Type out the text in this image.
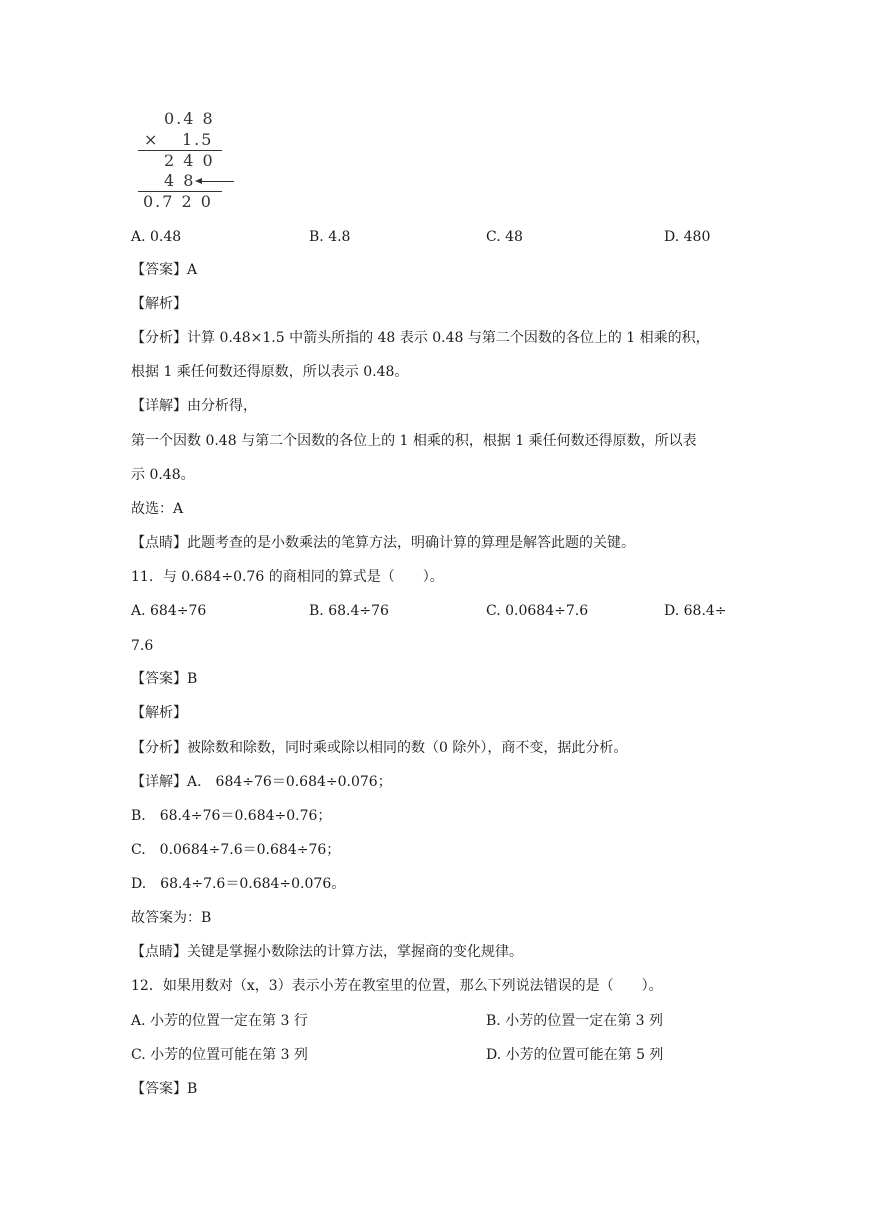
0.4 8
× 1.5
2 4 0
4 8
0.7 2 0
A. 0.48	B. 4.8	C. 48	D. 480
【答案】A
【解析】
【分析】计算 0.48×1.5 中箭头所指的 48 表示 0.48 与第二个因数的各位上的 1 相乘的积，
根据 1 乘任何数还得原数，所以表示 0.48。
【详解】由分析得，
第一个因数 0.48 与第二个因数的各位上的 1 相乘的积，根据 1 乘任何数还得原数，所以表
示 0.48。
故选：A
【点睛】此题考查的是小数乘法的笔算方法，明确计算的算理是解答此题的关键。
11．与 0.684÷0.76 的商相同的算式是（　　）。
A. 684÷76	B. 68.4÷76	C. 0.0684÷7.6	D. 68.4÷
7.6
【答案】B
【解析】
【分析】被除数和除数，同时乘或除以相同的数（0 除外），商不变，据此分析。
【详解】A.　684÷76＝0.684÷0.076；
B.　68.4÷76＝0.684÷0.76；
C.　0.0684÷7.6＝0.684÷76；
D.　68.4÷7.6＝0.684÷0.076。
故答案为：B
【点睛】关键是掌握小数除法的计算方法，掌握商的变化规律。
12．如果用数对（x，3）表示小芳在教室里的位置，那么下列说法错误的是（　　）。
A. 小芳的位置一定在第 3 行	B. 小芳的位置一定在第 3 列
C. 小芳的位置可能在第 3 列	D. 小芳的位置可能在第 5 列
【答案】B
